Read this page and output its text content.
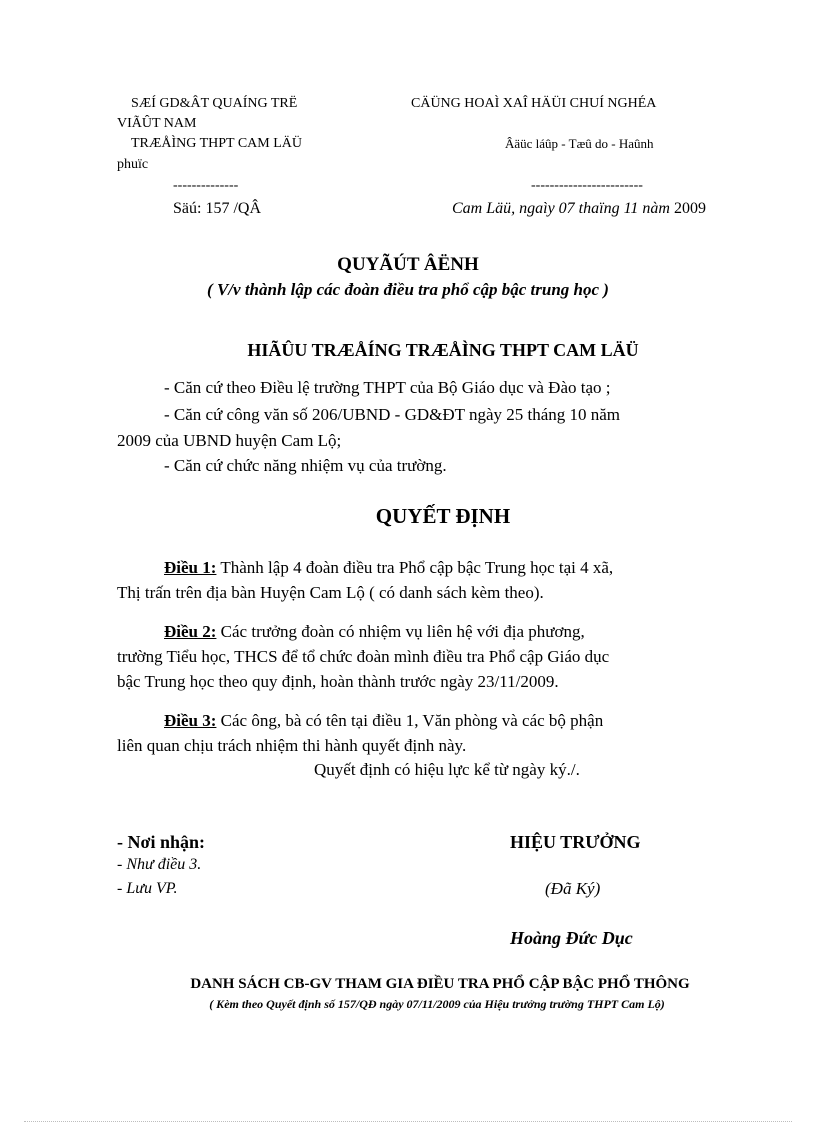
SÆÍ GD&ÂT QUAÍNG TRË	CÄÜNG HOAÌ XAÎ HÄÜI CHUÍ NGHÉA
VIÃÛT NAM
TRÆÅÌNG THPT CAM LÄÜ	Âäüc láûp - Tæû do - Haûnh
phuïc
--------------	------------------------
Säú: 157 /QÂ	Cam Läü, ngaìy 07 thaïng 11 nàm 2009
QUYÃÚT ÂËNH
( V/v thành lập các đoàn điều tra phổ cập bậc trung học )
HIÃÛU TRÆÅÍNG TRÆÅÌNG THPT CAM LÄÜ
- Căn cứ theo Điều lệ trường THPT của Bộ Giáo dục và Đào tạo ;
- Căn cứ công văn số 206/UBND - GD&ĐT ngày 25 tháng 10 năm
2009 của UBND huyện Cam Lộ;
- Căn cứ chức năng nhiệm vụ của trường.
QUYẾT ĐỊNH
Điều 1: Thành lập 4 đoàn điều tra Phổ cập bậc Trung học tại 4 xã,
Thị trấn trên địa bàn Huyện Cam Lộ ( có danh sách kèm theo).
Điều 2: Các trưởng đoàn có nhiệm vụ liên hệ với địa phương,
trường Tiểu học, THCS để tổ chức đoàn mình điều tra Phổ cập Giáo dục
bậc Trung học theo quy định, hoàn thành trước ngày 23/11/2009.
Điều 3: Các ông, bà có tên tại điều 1, Văn phòng và các bộ phận
liên quan chịu trách nhiệm thi hành quyết định này.
Quyết định có hiệu lực kể từ ngày ký./.
- Nơi nhận:
- Như điều 3.
- Lưu VP.
HIỆU TRƯỞNG
(Đã Ký)
Hoàng Đức Dục
DANH SÁCH CB-GV THAM GIA ĐIỀU TRA PHỔ CẬP BẬC PHỔ THÔNG
( Kèm theo Quyết định số 157/QĐ ngày 07/11/2009 của Hiệu trưởng trường THPT Cam Lộ)
